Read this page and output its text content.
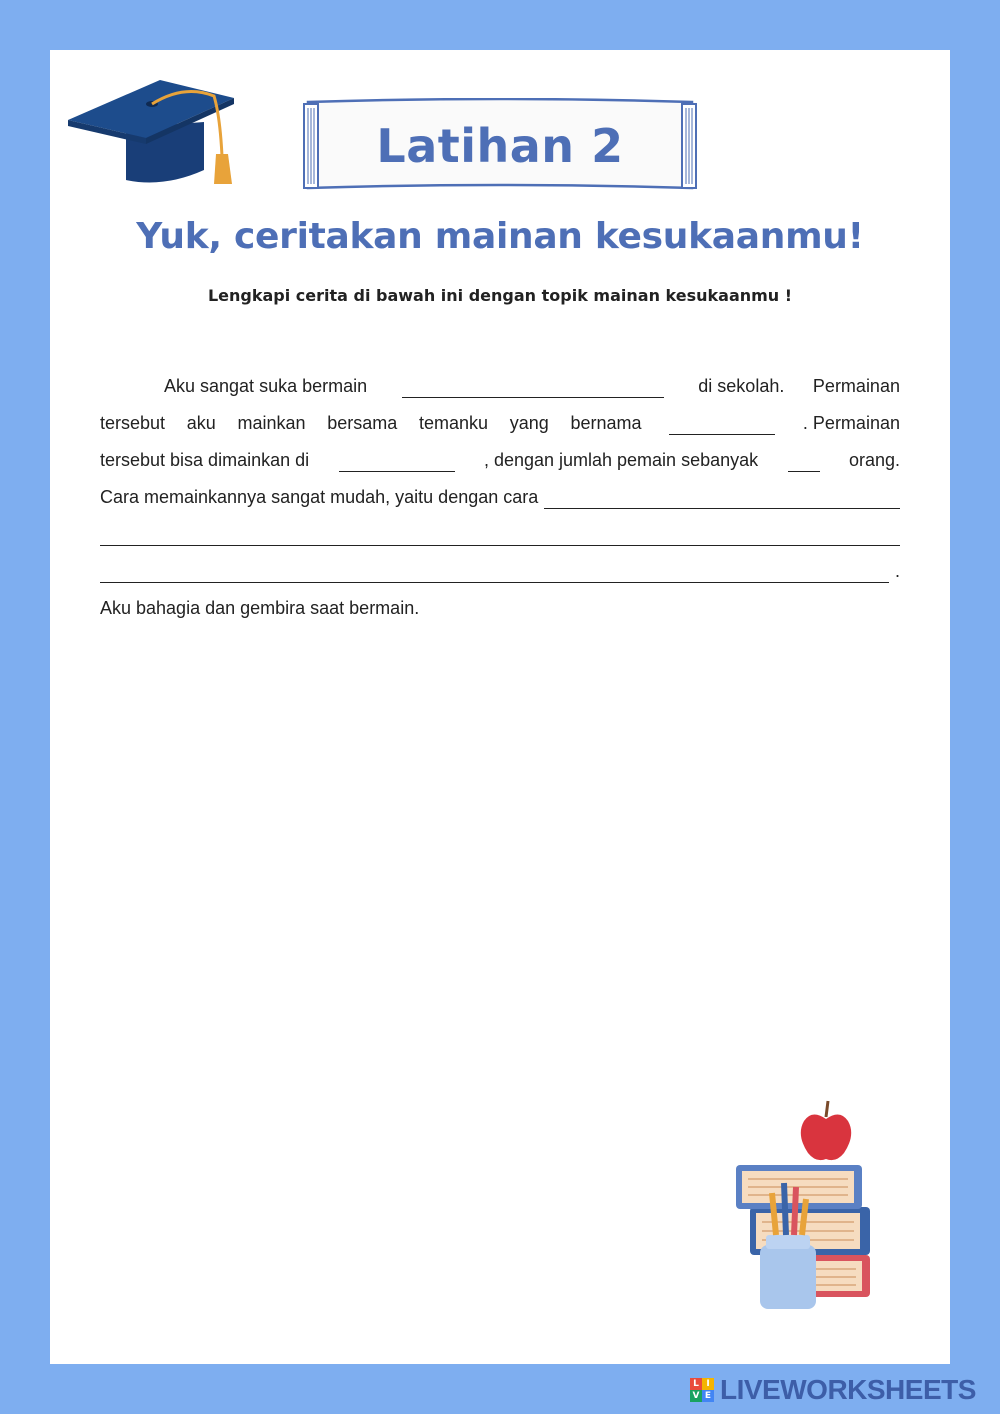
Latihan 2
Yuk, ceritakan mainan kesukaanmu!
Lengkapi cerita di bawah ini dengan topik mainan kesukaanmu !
Aku sangat suka bermain	di sekolah. Permainan
tersebut aku mainkan bersama temanku yang bernama	. Permainan
tersebut bisa dimainkan di	, dengan jumlah pemain sebanyak	orang.
Cara memainkannya sangat mudah, yaitu dengan cara
.
Aku bahagia dan gembira saat bermain.
L I
V E LIVEWORKSHEETS
